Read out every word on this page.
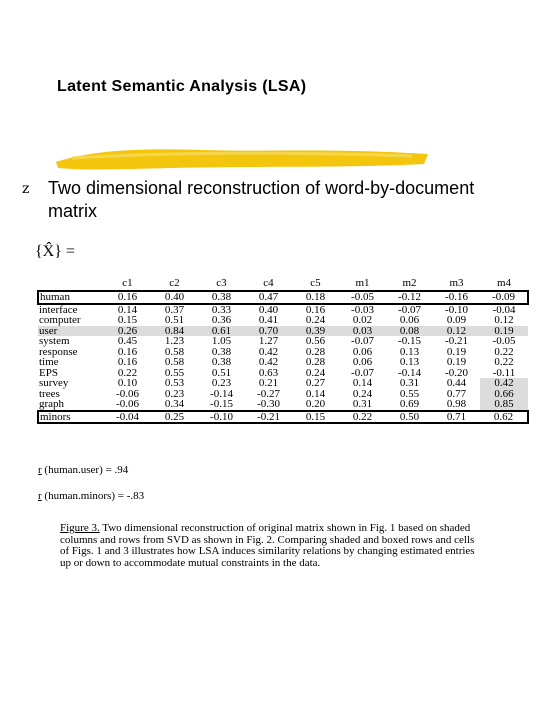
Latent Semantic Analysis (LSA)
z Two dimensional reconstruction of word-by-document matrix
{X̂} =
	c1	c2	c3	c4	c5	m1	m2	m3	m4
human	0.16	0.40	0.38	0.47	0.18	-0.05	-0.12	-0.16	-0.09
interface	0.14	0.37	0.33	0.40	0.16	-0.03	-0.07	-0.10	-0.04
computer	0.15	0.51	0.36	0.41	0.24	0.02	0.06	0.09	0.12
user	0.26	0.84	0.61	0.70	0.39	0.03	0.08	0.12	0.19
system	0.45	1.23	1.05	1.27	0.56	-0.07	-0.15	-0.21	-0.05
response	0.16	0.58	0.38	0.42	0.28	0.06	0.13	0.19	0.22
time	0.16	0.58	0.38	0.42	0.28	0.06	0.13	0.19	0.22
EPS	0.22	0.55	0.51	0.63	0.24	-0.07	-0.14	-0.20	-0.11
survey	0.10	0.53	0.23	0.21	0.27	0.14	0.31	0.44	0.42
trees	-0.06	0.23	-0.14	-0.27	0.14	0.24	0.55	0.77	0.66
graph	-0.06	0.34	-0.15	-0.30	0.20	0.31	0.69	0.98	0.85
minors	-0.04	0.25	-0.10	-0.21	0.15	0.22	0.50	0.71	0.62
r (human.user) = .94
r (human.minors) = -.83
Figure 3. Two dimensional reconstruction of original matrix shown in Fig. 1 based on shaded columns and rows from SVD as shown in Fig. 2. Comparing shaded and boxed rows and cells of Figs. 1 and 3 illustrates how LSA induces similarity relations by changing estimated entries up or down to accommodate mutual constraints in the data.
